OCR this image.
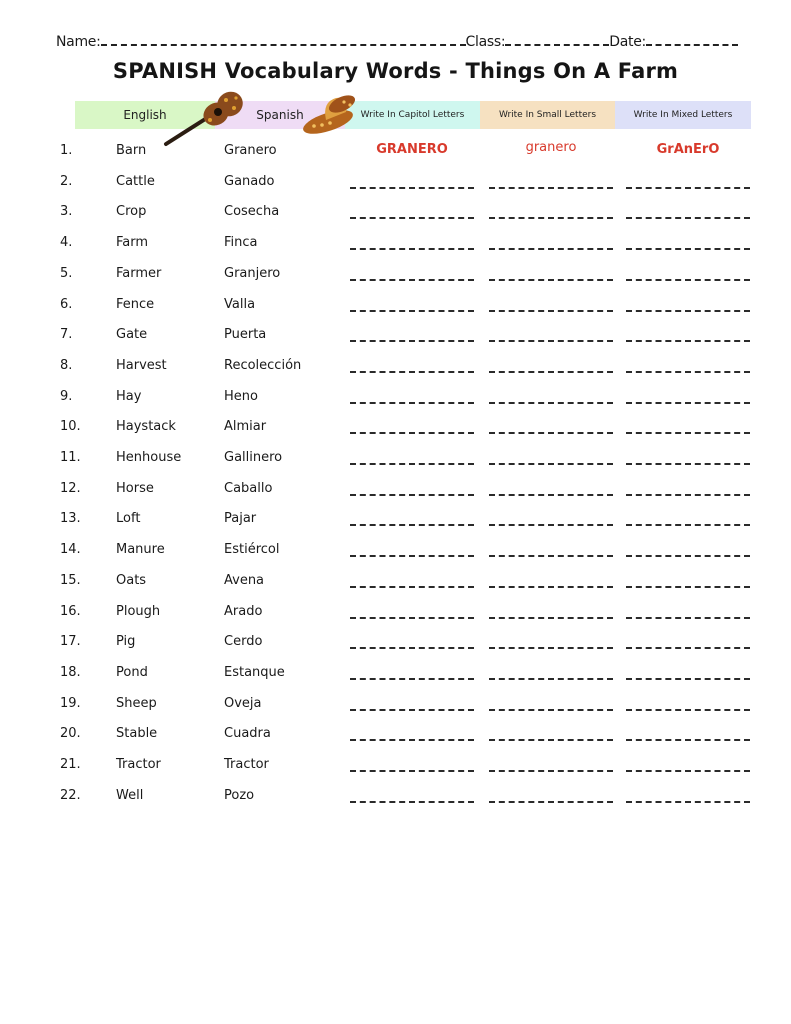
Name:	Class:	Date:
SPANISH Vocabulary Words - Things On A Farm
English	Spanish	Write In Capitol Letters	Write In Small Letters	Write In Mixed Letters
1.	Barn	Granero	GRANERO	granero	GrAnErO
2.	Cattle	Ganado
3.	Crop	Cosecha
4.	Farm	Finca
5.	Farmer	Granjero
6.	Fence	Valla
7.	Gate	Puerta
8.	Harvest	Recolección
9.	Hay	Heno
10.	Haystack	Almiar
11.	Henhouse	Gallinero
12.	Horse	Caballo
13.	Loft	Pajar
14.	Manure	Estiércol
15.	Oats	Avena
16.	Plough	Arado
17.	Pig	Cerdo
18.	Pond	Estanque
19.	Sheep	Oveja
20.	Stable	Cuadra
21.	Tractor	Tractor
22.	Well	Pozo
